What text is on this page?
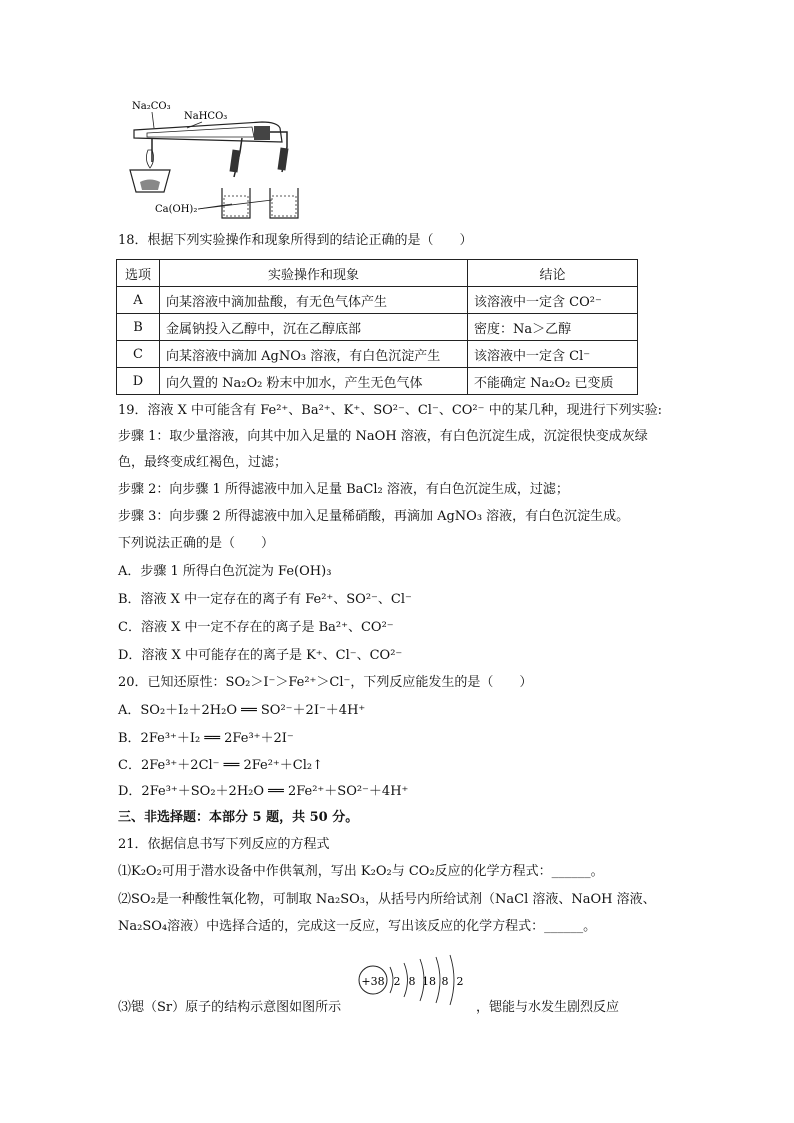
Na₂CO₃
NaHCO₃
Ca(OH)₂
18．根据下列实验操作和现象所得到的结论正确的是（　　）
选项	实验操作和现象	结论
A	向某溶液中滴加盐酸，有无色气体产生	该溶液中一定含 CO²⁻
B	金属钠投入乙醇中，沉在乙醇底部	密度：Na＞乙醇
C	向某溶液中滴加 AgNO₃ 溶液，有白色沉淀产生	该溶液中一定含 Cl⁻
D	向久置的 Na₂O₂ 粉末中加水，产生无色气体	不能确定 Na₂O₂ 已变质
19．溶液 X 中可能含有 Fe²⁺、Ba²⁺、K⁺、SO²⁻、Cl⁻、CO²⁻ 中的某几种，现进行下列实验:
步骤 1：取少量溶液，向其中加入足量的 NaOH 溶液，有白色沉淀生成，沉淀很快变成灰绿
色，最终变成红褐色，过滤；
步骤 2：向步骤 1 所得滤液中加入足量 BaCl₂ 溶液，有白色沉淀生成，过滤；
步骤 3：向步骤 2 所得滤液中加入足量稀硝酸，再滴加 AgNO₃ 溶液，有白色沉淀生成。
下列说法正确的是（　　）
A．步骤 1 所得白色沉淀为 Fe(OH)₃
B．溶液 X 中一定存在的离子有 Fe²⁺、SO²⁻、Cl⁻
C．溶液 X 中一定不存在的离子是 Ba²⁺、CO²⁻
D．溶液 X 中可能存在的离子是 K⁺、Cl⁻、CO²⁻
20．已知还原性：SO₂＞I⁻＞Fe²⁺＞Cl⁻，下列反应能发生的是（　　）
A．SO₂＋I₂＋2H₂O ══ SO²⁻＋2I⁻＋4H⁺
B．2Fe³⁺＋I₂ ══ 2Fe³⁺＋2I⁻
C．2Fe³⁺＋2Cl⁻ ══ 2Fe²⁺＋Cl₂↑
D．2Fe³⁺＋SO₂＋2H₂O ══ 2Fe²⁺＋SO²⁻＋4H⁺
三、非选择题：本部分 5 题，共 50 分。
21．依据信息书写下列反应的方程式
⑴K₂O₂可用于潜水设备中作供氧剂，写出 K₂O₂与 CO₂反应的化学方程式：______。
⑵SO₂是一种酸性氧化物，可制取 Na₂SO₃，从括号内所给试剂（NaCl 溶液、NaOH 溶液、
Na₂SO₄溶液）中选择合适的，完成这一反应，写出该反应的化学方程式：______。
+38 2 8 18 8 2
⑶锶（Sr）原子的结构示意图如图所示	，锶能与水发生剧烈反应
